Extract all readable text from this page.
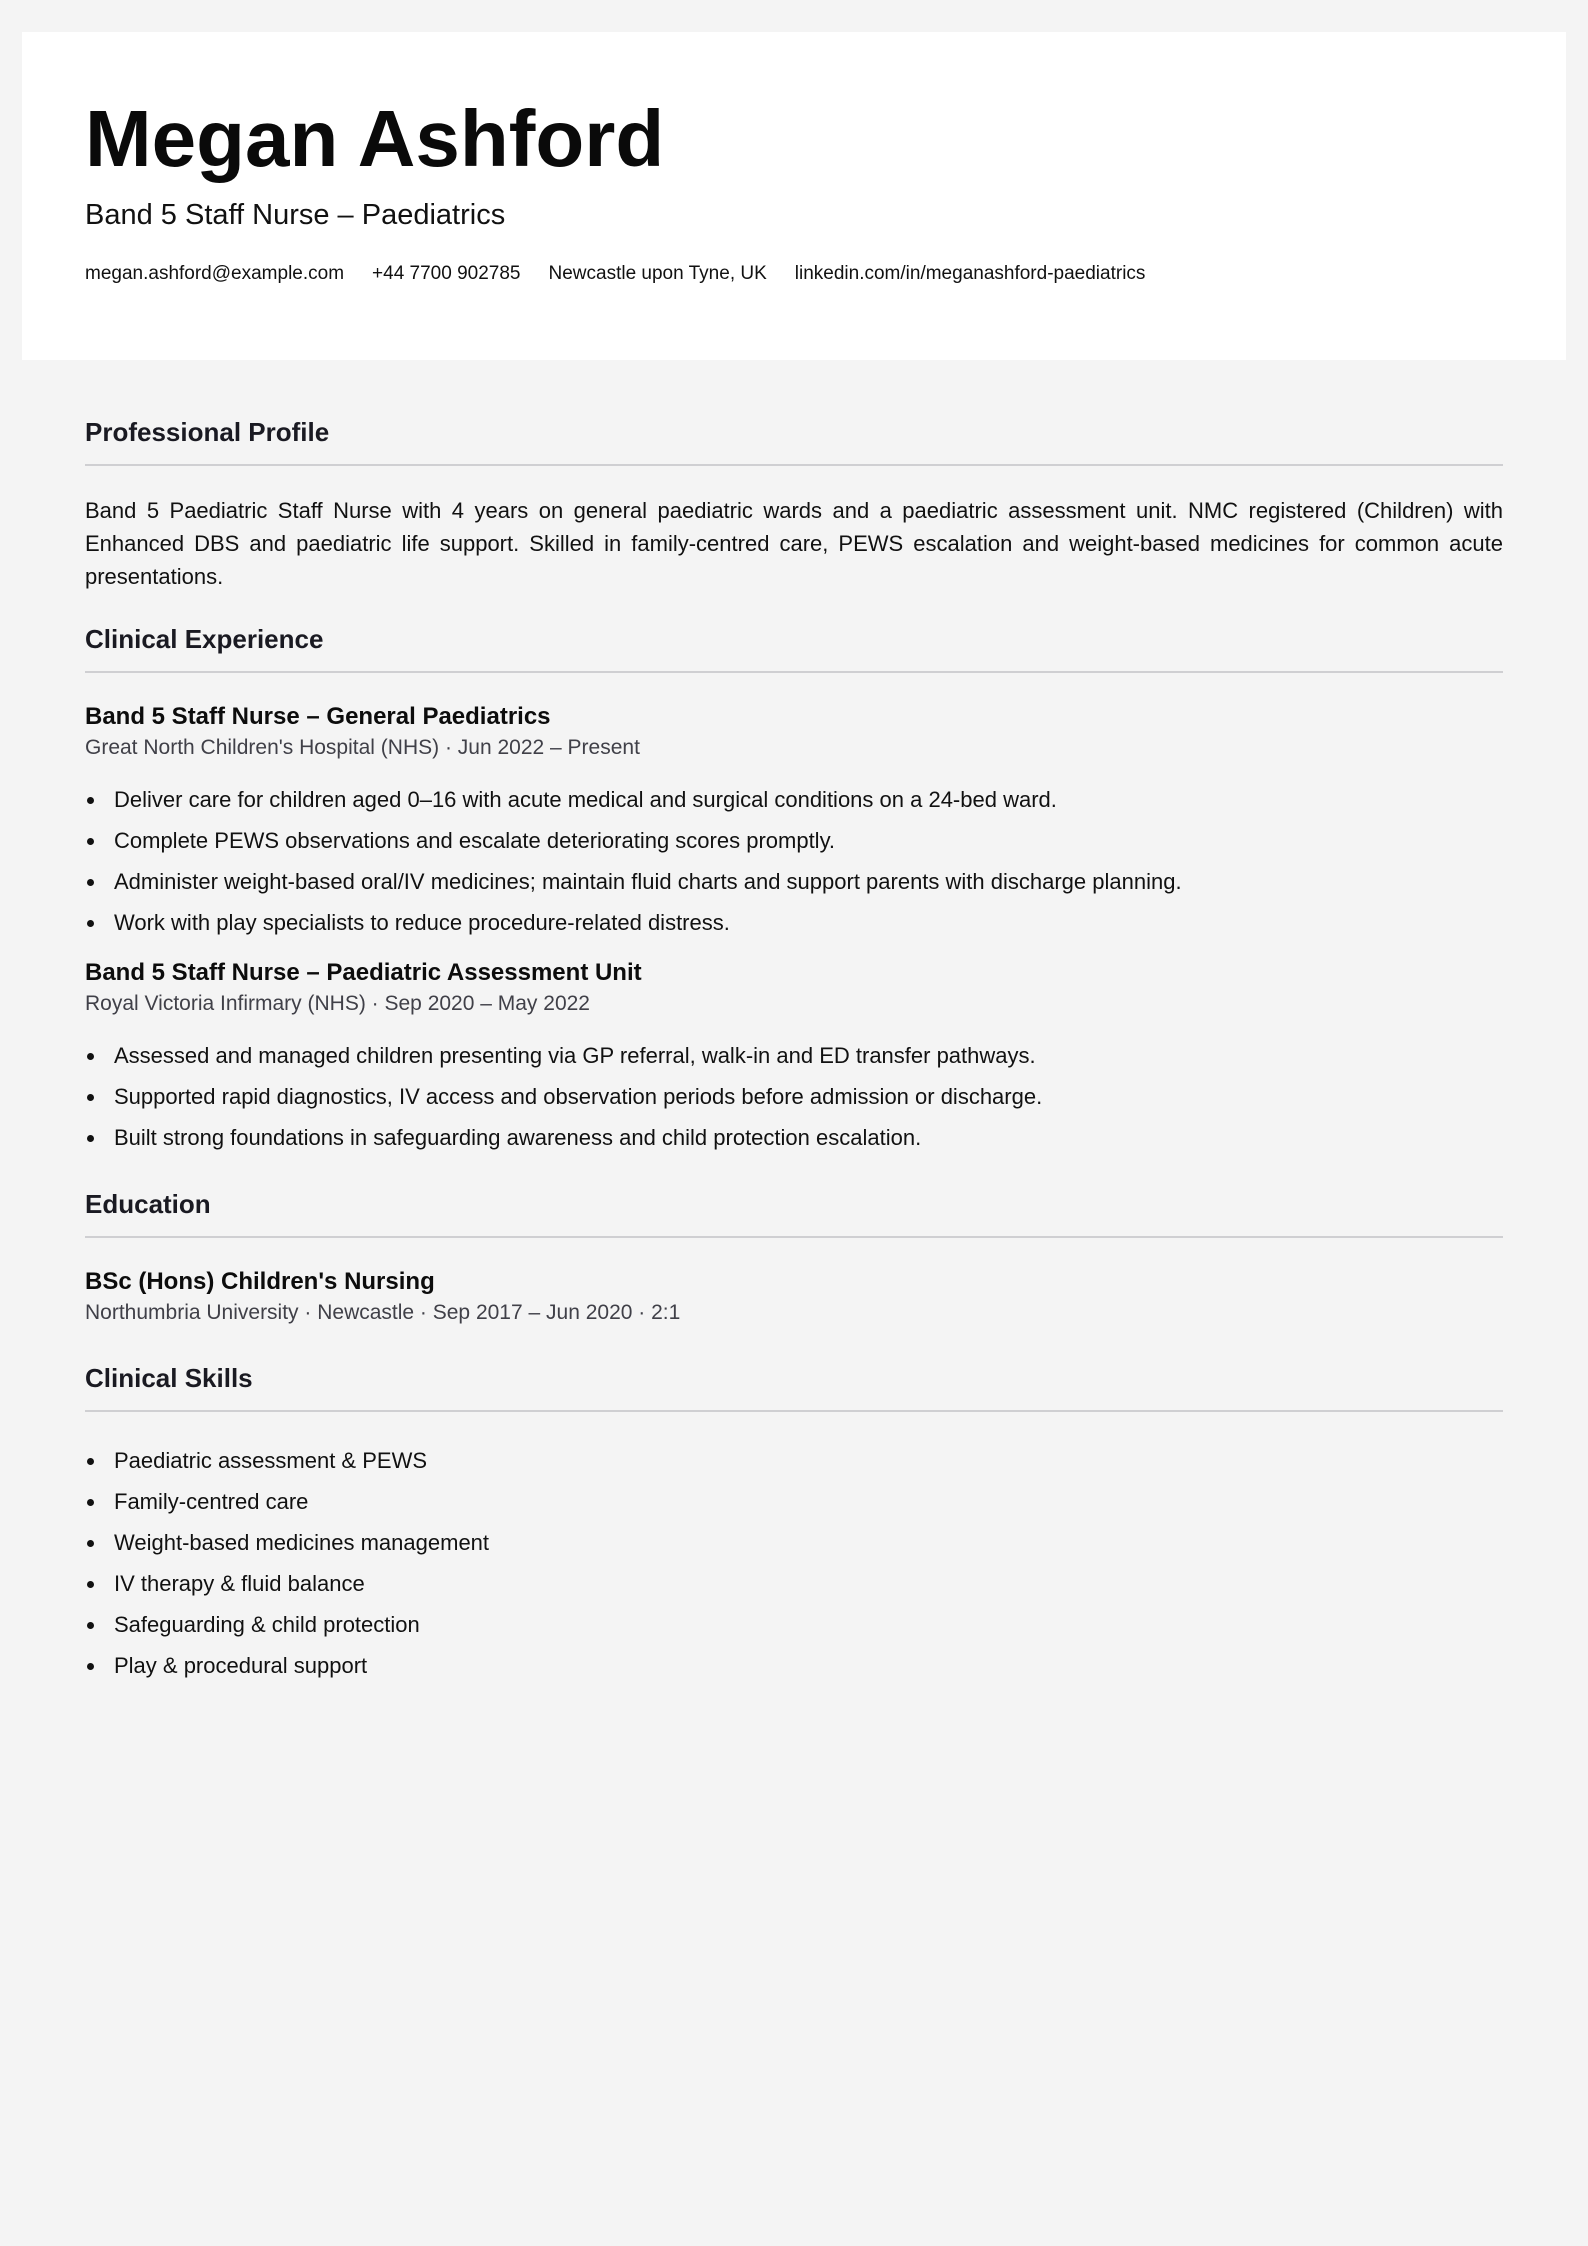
Megan Ashford

Band 5 Staff Nurse – Paediatrics

megan.ashford@example.com +44 7700 902785 Newcastle upon Tyne, UK linkedin.com/in/meganashford-paediatrics
Professional Profile

Band 5 Paediatric Staff Nurse with 4 years on general paediatric wards and a paediatric assessment unit. NMC registered (Children) with Enhanced DBS and paediatric life support. Skilled in family-centred care, PEWS escalation and weight-based medicines for common acute presentations.

Clinical Experience

Band 5 Staff Nurse – General Paediatrics

Great North Children's Hospital (NHS) · Jun 2022 – Present

Deliver care for children aged 0–16 with acute medical and surgical conditions on a 24-bed ward.
Complete PEWS observations and escalate deteriorating scores promptly.
Administer weight-based oral/IV medicines; maintain fluid charts and support parents with discharge planning.
Work with play specialists to reduce procedure-related distress.

Band 5 Staff Nurse – Paediatric Assessment Unit

Royal Victoria Infirmary (NHS) · Sep 2020 – May 2022

Assessed and managed children presenting via GP referral, walk-in and ED transfer pathways.
Supported rapid diagnostics, IV access and observation periods before admission or discharge.
Built strong foundations in safeguarding awareness and child protection escalation.
Education

BSc (Hons) Children's Nursing

Northumbria University · Newcastle · Sep 2017 – Jun 2020 · 2:1

Clinical Skills
Paediatric assessment & PEWS
Family-centred care
Weight-based medicines management
IV therapy & fluid balance
Safeguarding & child protection
Play & procedural support
